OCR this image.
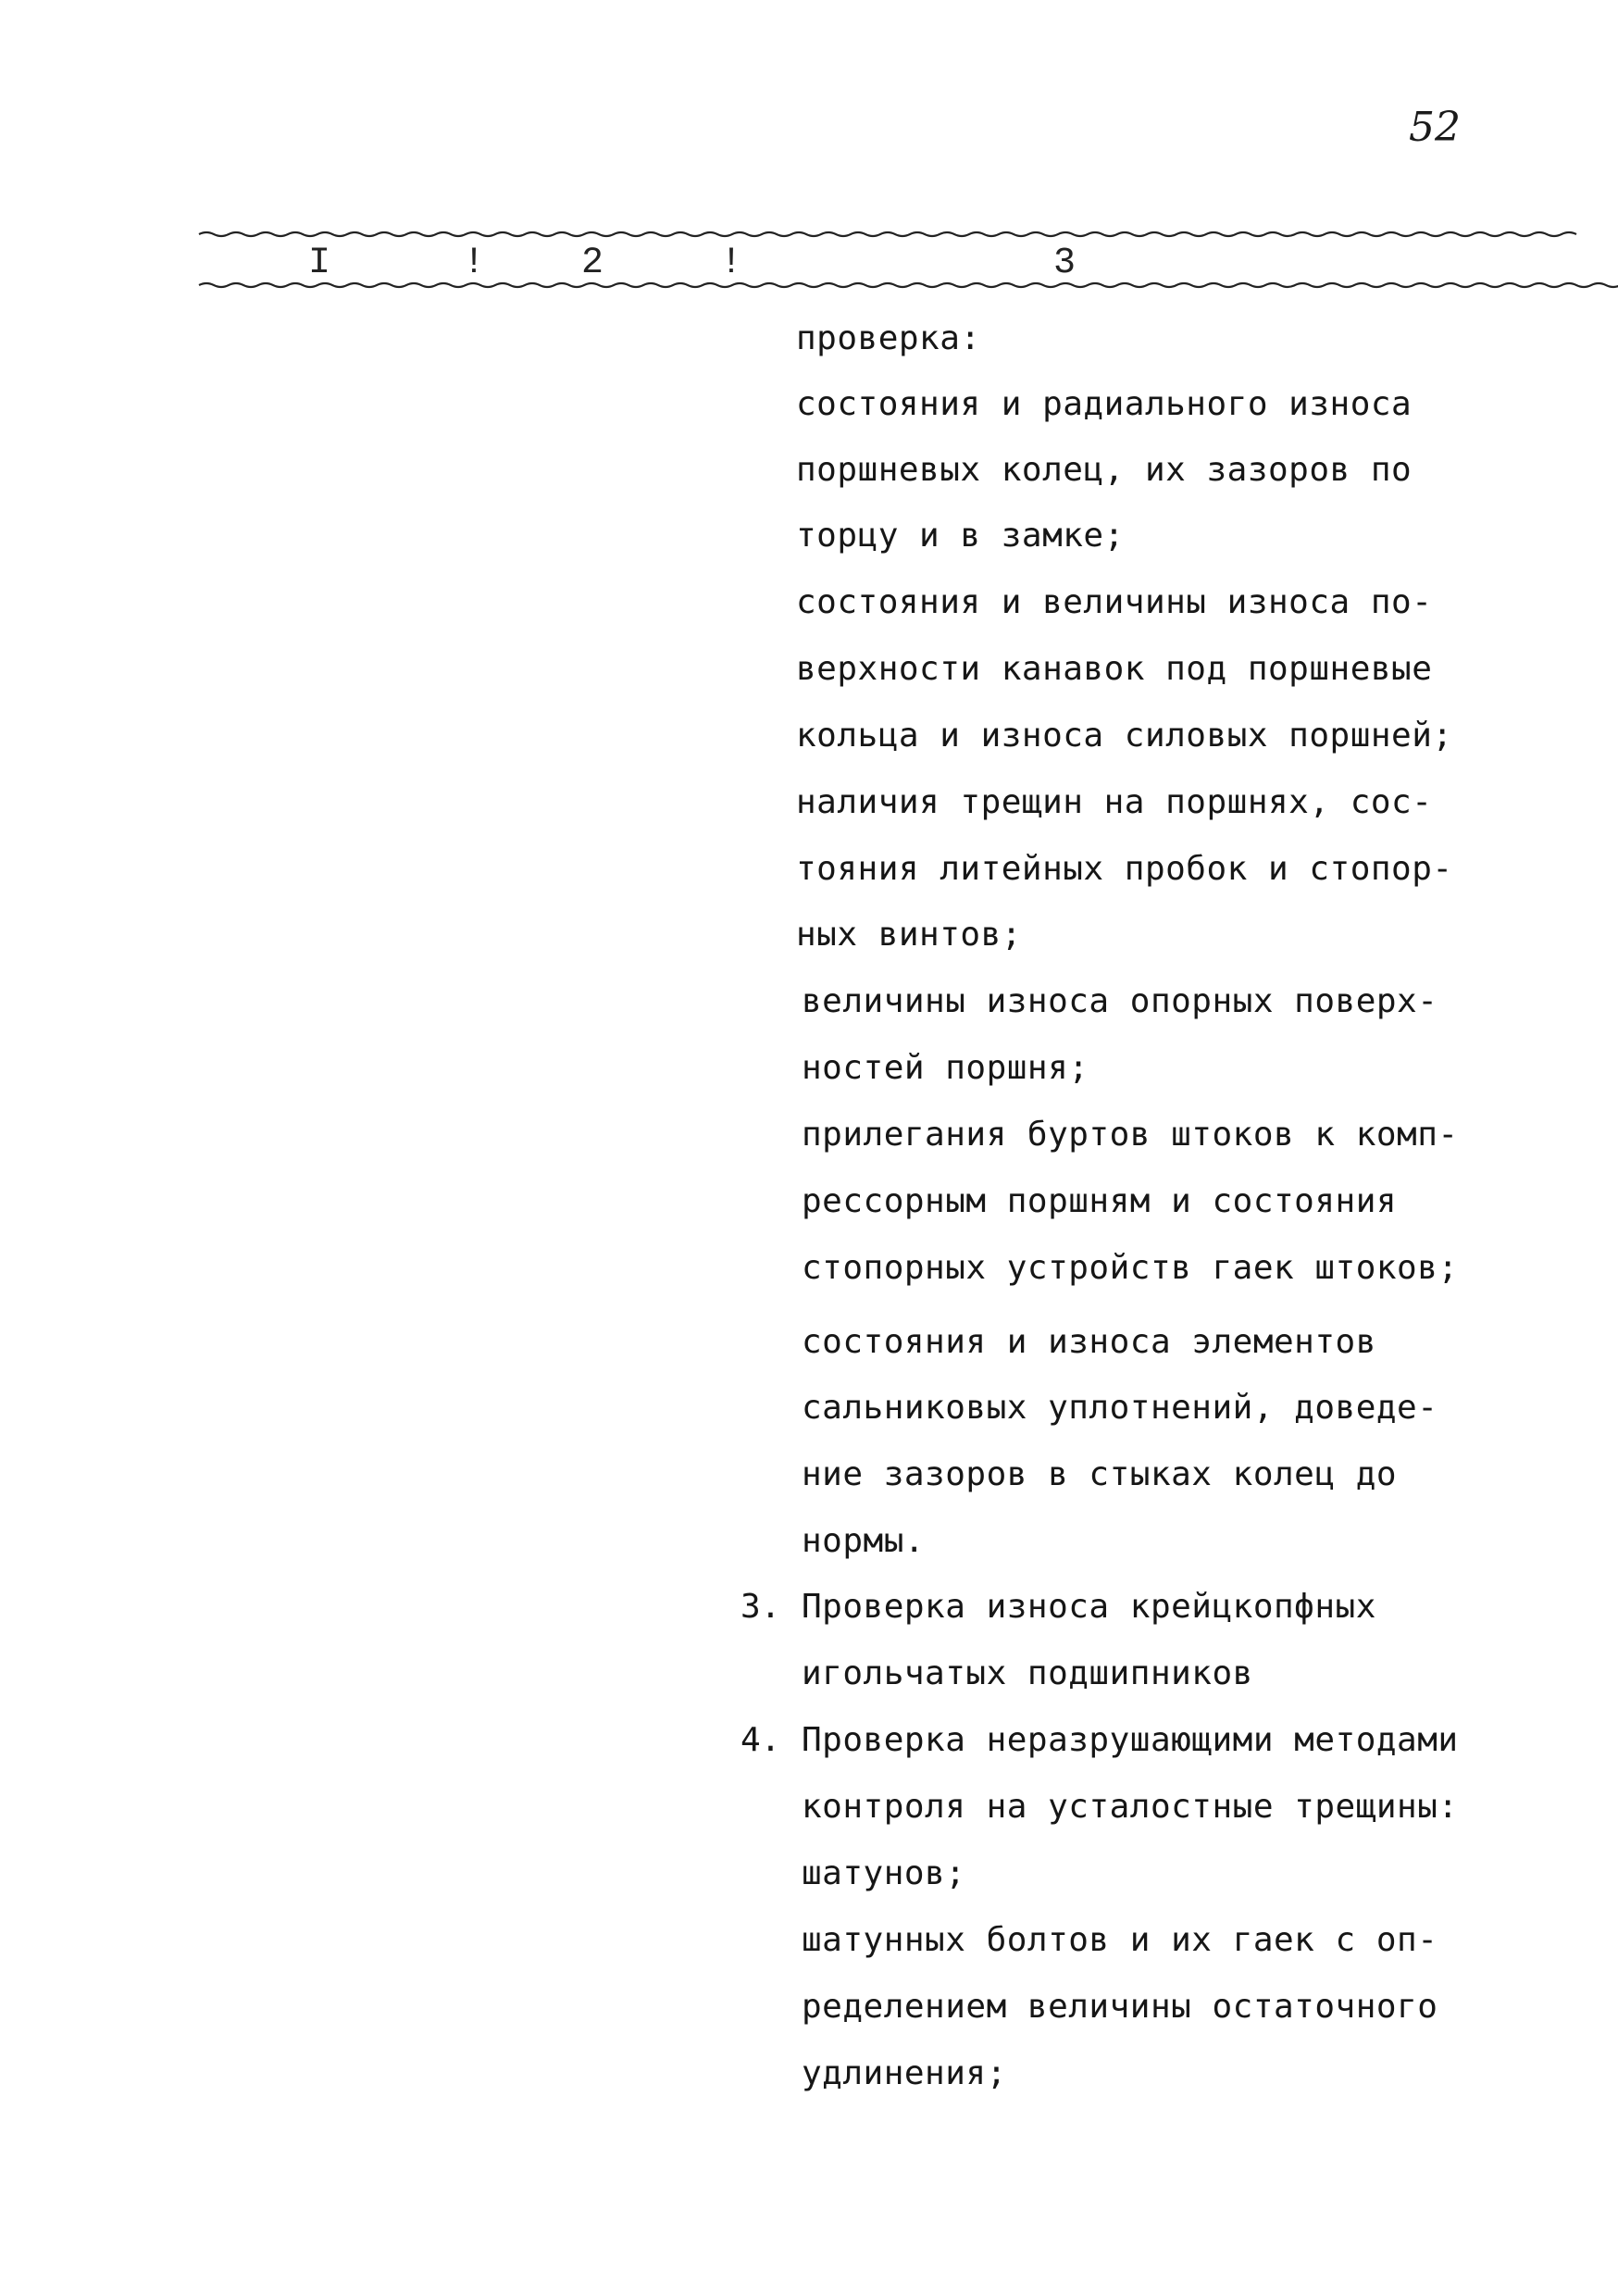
52
I	!	2	!	3
проверка:
состояния и радиального износа
поршневых колец, их зазоров по
торцу и в замке;
состояния и величины износа по-
верхности канавок под поршневые
кольца и износа силовых поршней;
наличия трещин на поршнях, сос-
тояния литейных пробок и стопор-
ных винтов;
величины износа опорных поверх-
ностей поршня;
прилегания буртов штоков к комп-
рессорным поршням и состояния
стопорных устройств гаек штоков;
состояния и износа элементов
сальниковых уплотнений, доведе-
ние зазоров в стыках колец до
нормы.
3. Проверка износа крейцкопфных
игольчатых подшипников
4. Проверка неразрушающими методами
контроля на усталостные трещины:
шатунов;
шатунных болтов и их гаек с оп-
ределением величины остаточного
удлинения;
